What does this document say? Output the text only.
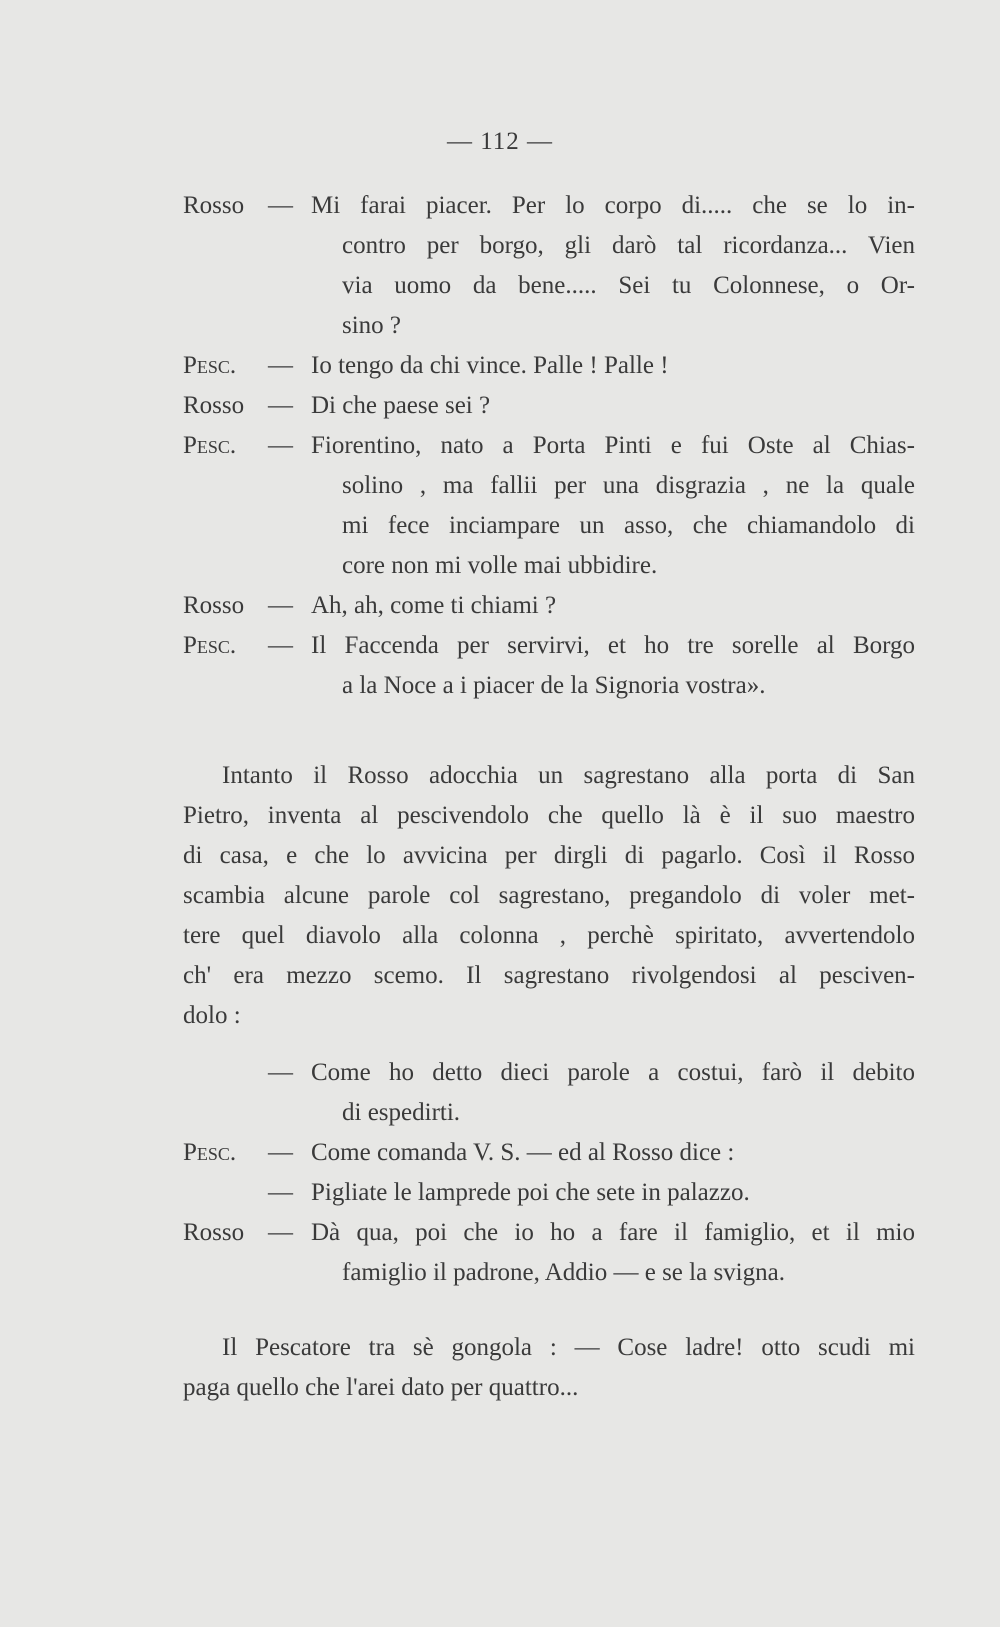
— 112 —
Rosso — Mi farai piacer. Per lo corpo di..... che se lo in-
contro per borgo, gli darò tal ricordanza... Vien
via uomo da bene..... Sei tu Colonnese, o Or-
sino ?
Pesc.	— Io tengo da chi vince. Palle ! Palle !
Rosso — Di che paese sei ?
Pesc.	— Fiorentino, nato a Porta Pinti e fui Oste al Chias-
solino , ma fallii per una disgrazia , ne la quale
mi fece inciampare un asso, che chiamandolo di
core non mi volle mai ubbidire.
Rosso — Ah, ah, come ti chiami ?
Pesc.	— Il Faccenda per servirvi, et ho tre sorelle al Borgo
a la Noce a i piacer de la Signoria vostra».
Intanto il Rosso adocchia un sagrestano alla porta di San
Pietro, inventa al pescivendolo che quello là è il suo maestro
di casa, e che lo avvicina per dirgli di pagarlo. Così il Rosso
scambia alcune parole col sagrestano, pregandolo di voler met-
tere quel diavolo alla colonna , perchè spiritato, avvertendolo
ch' era mezzo scemo. Il sagrestano rivolgendosi al pesciven-
dolo :
— Come ho detto dieci parole a costui, farò il debito
di espedirti.
Pesc.	— Come comanda V. S. — ed al Rosso dice :
— Pigliate le lamprede poi che sete in palazzo.
Rosso — Dà qua, poi che io ho a fare il famiglio, et il mio
famiglio il padrone, Addio — e se la svigna.
Il Pescatore tra sè gongola : — Cose ladre! otto scudi mi
paga quello che l'arei dato per quattro...
